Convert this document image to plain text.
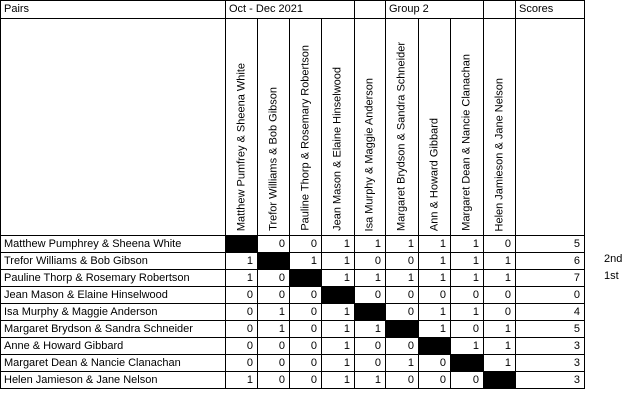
Pairs	Oct - Dec 2021					Group 2				Scores

	Matthew Pumfrey & Sheena White	Trefor Williams & Bob Gibson	Pauline Thorp & Rosemary Robertson	Jean Mason & Elaine Hinselwood	Isa Murphy & Maggie Anderson	Margaret Brydson & Sandra Schneider	Ann & Howard Gibbard	Margaret Dean & Nancie Clanachan	Helen Jamieson & Jane Nelson	

Matthew Pumphrey & Sheena White		0	0	1	1	1	1	1	0	5
Trefor Williams & Bob Gibson	1		1	1	0	0	1	1	1	6
Pauline Thorp & Rosemary Robertson	1	0		1	1	1	1	1	1	7
Jean Mason & Elaine Hinselwood	0	0	0		0	0	0	0	0	0
Isa Murphy & Maggie Anderson	0	1	0	1		0	1	1	0	4
Margaret Brydson & Sandra Schneider	0	1	0	1	1		1	0	1	5
Anne & Howard Gibbard	0	0	0	1	0	0		1	1	3
Margaret Dean & Nancie Clanachan	0	0	0	1	0	1	0		1	3
Helen Jamieson & Jane Nelson	1	0	0	1	1	0	0	0		3
2nd
1st
